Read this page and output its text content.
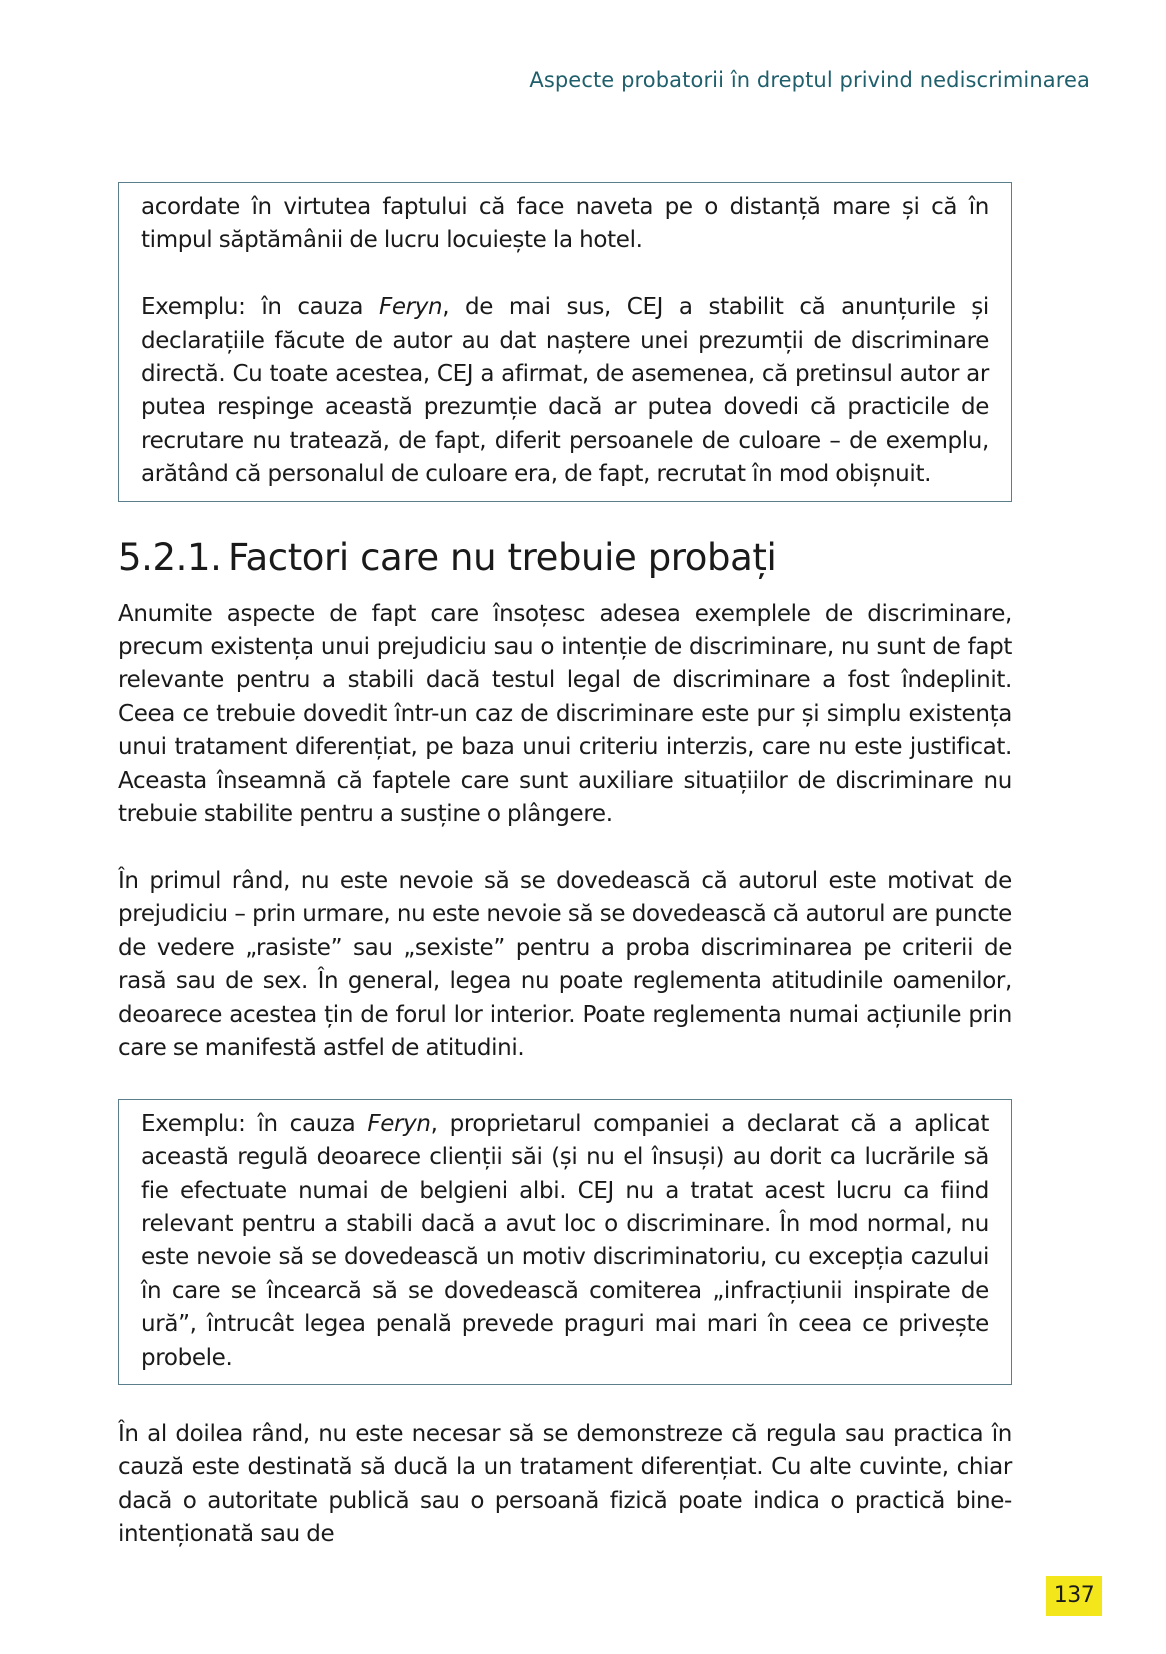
Aspecte probatorii în dreptul privind nediscriminarea

acordate în virtutea faptului că face naveta pe o distanță mare și că în timpul săptămânii de lucru locuiește la hotel.

Exemplu: în cauza Feryn, de mai sus, CEJ a stabilit că anunțurile și declarațiile făcute de autor au dat naștere unei prezumții de discriminare directă. Cu toate acestea, CEJ a afirmat, de asemenea, că pretinsul autor ar putea respinge această prezumție dacă ar putea dovedi că practicile de recrutare nu tratează, de fapt, diferit persoanele de culoare – de exemplu, arătând că personalul de culoare era, de fapt, recrutat în mod obișnuit.

5.2.1. Factori care nu trebuie probați

Anumite aspecte de fapt care însoțesc adesea exemplele de discriminare, precum existența unui prejudiciu sau o intenție de discriminare, nu sunt de fapt relevante pentru a stabili dacă testul legal de discriminare a fost îndeplinit. Ceea ce trebuie dovedit într-un caz de discriminare este pur și simplu existența unui tratament diferențiat, pe baza unui criteriu interzis, care nu este justificat. Aceasta înseamnă că faptele care sunt auxiliare situațiilor de discriminare nu trebuie stabilite pentru a susține o plângere.

În primul rând, nu este nevoie să se dovedească că autorul este motivat de prejudiciu – prin urmare, nu este nevoie să se dovedească că autorul are puncte de vedere „rasiste” sau „sexiste” pentru a proba discriminarea pe criterii de rasă sau de sex. În general, legea nu poate reglementa atitudinile oamenilor, deoarece acestea țin de forul lor interior. Poate reglementa numai acțiunile prin care se manifestă astfel de atitudini.

Exemplu: în cauza Feryn, proprietarul companiei a declarat că a aplicat această regulă deoarece clienții săi (și nu el însuși) au dorit ca lucrările să fie efectuate numai de belgieni albi. CEJ nu a tratat acest lucru ca fiind relevant pentru a stabili dacă a avut loc o discriminare. În mod normal, nu este nevoie să se dovedească un motiv discriminatoriu, cu excepția cazului în care se încearcă să se dovedească comiterea „infracțiunii inspirate de ură”, întrucât legea penală prevede praguri mai mari în ceea ce privește probele.

În al doilea rând, nu este necesar să se demonstreze că regula sau practica în cauză este destinată să ducă la un tratament diferențiat. Cu alte cuvinte, chiar dacă o autoritate publică sau o persoană fizică poate indica o practică bine-intenționată sau de

137
